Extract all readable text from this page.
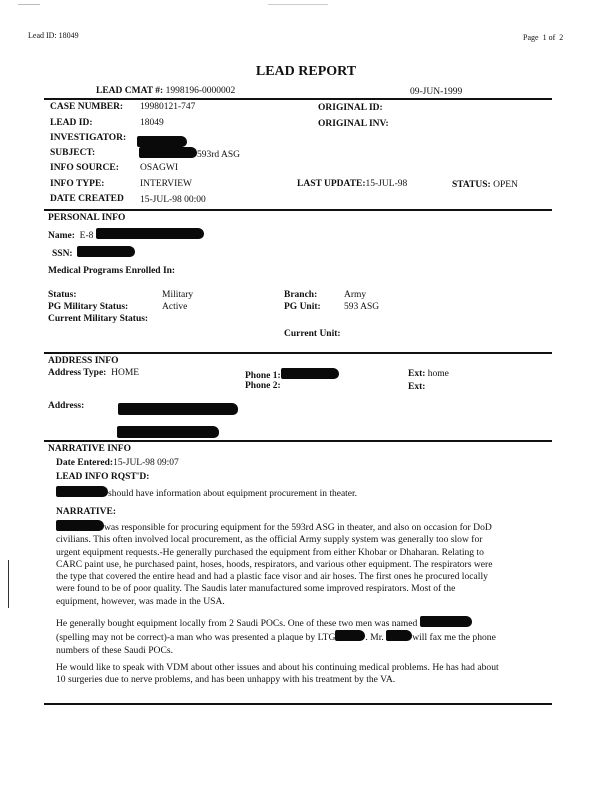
Lead ID: 18049	Page 1 of 2
LEAD REPORT
LEAD CMAT #: 1998196-0000002	09-JUN-1999
CASE NUMBER: 19980121-747	ORIGINAL ID:
LEAD ID:	18049	ORIGINAL INV:
INVESTIGATOR:
SUBJECT:	593rd ASG
INFO SOURCE: OSAGWI
INFO TYPE:	INTERVIEW	LAST UPDATE:15-JUL-98	STATUS: OPEN
DATE CREATED 15-JUL-98 00:00
PERSONAL INFO
Name: E-8
SSN:
Medical Programs Enrolled In:
Status:	Military	Branch:	Army
PG Military Status:	Active	PG Unit: 593 ASG
Current Military Status:
Current Unit:
ADDRESS INFO
Address Type: HOME	Phone 1:	Ext: home
Phone 2:	Ext:
Address:
NARRATIVE INFO
Date Entered:15-JUL-98 09:07
LEAD INFO RQST'D:
should have information about equipment procurement in theater.
NARRATIVE:
was responsible for procuring equipment for the 593rd ASG in theater, and also on occasion for DoD
civilians. This often involved local procurement, as the official Army supply system was generally too slow for
urgent equipment requests.-He generally purchased the equipment from either Khobar or Dhaharan. Relating to
CARC paint use, he purchased paint, hoses, hoods, respirators, and various other equipment. The respirators were
the type that covered the entire head and had a plastic face visor and air hoses. The first ones he procured locally
were found to be of poor quality. The Saudis later manufactured some improved respirators. Most of the
equipment, however, was made in the USA.
He generally bought equipment locally from 2 Saudi POCs. One of these two men was named
(spelling may not be correct)-a man who was presented a plaque by LTG	. Mr.	will fax me the phone
numbers of these Saudi POCs.
He would like to speak with VDM about other issues and about his continuing medical problems. He has had about
10 surgeries due to nerve problems, and has been unhappy with his treatment by the VA.
